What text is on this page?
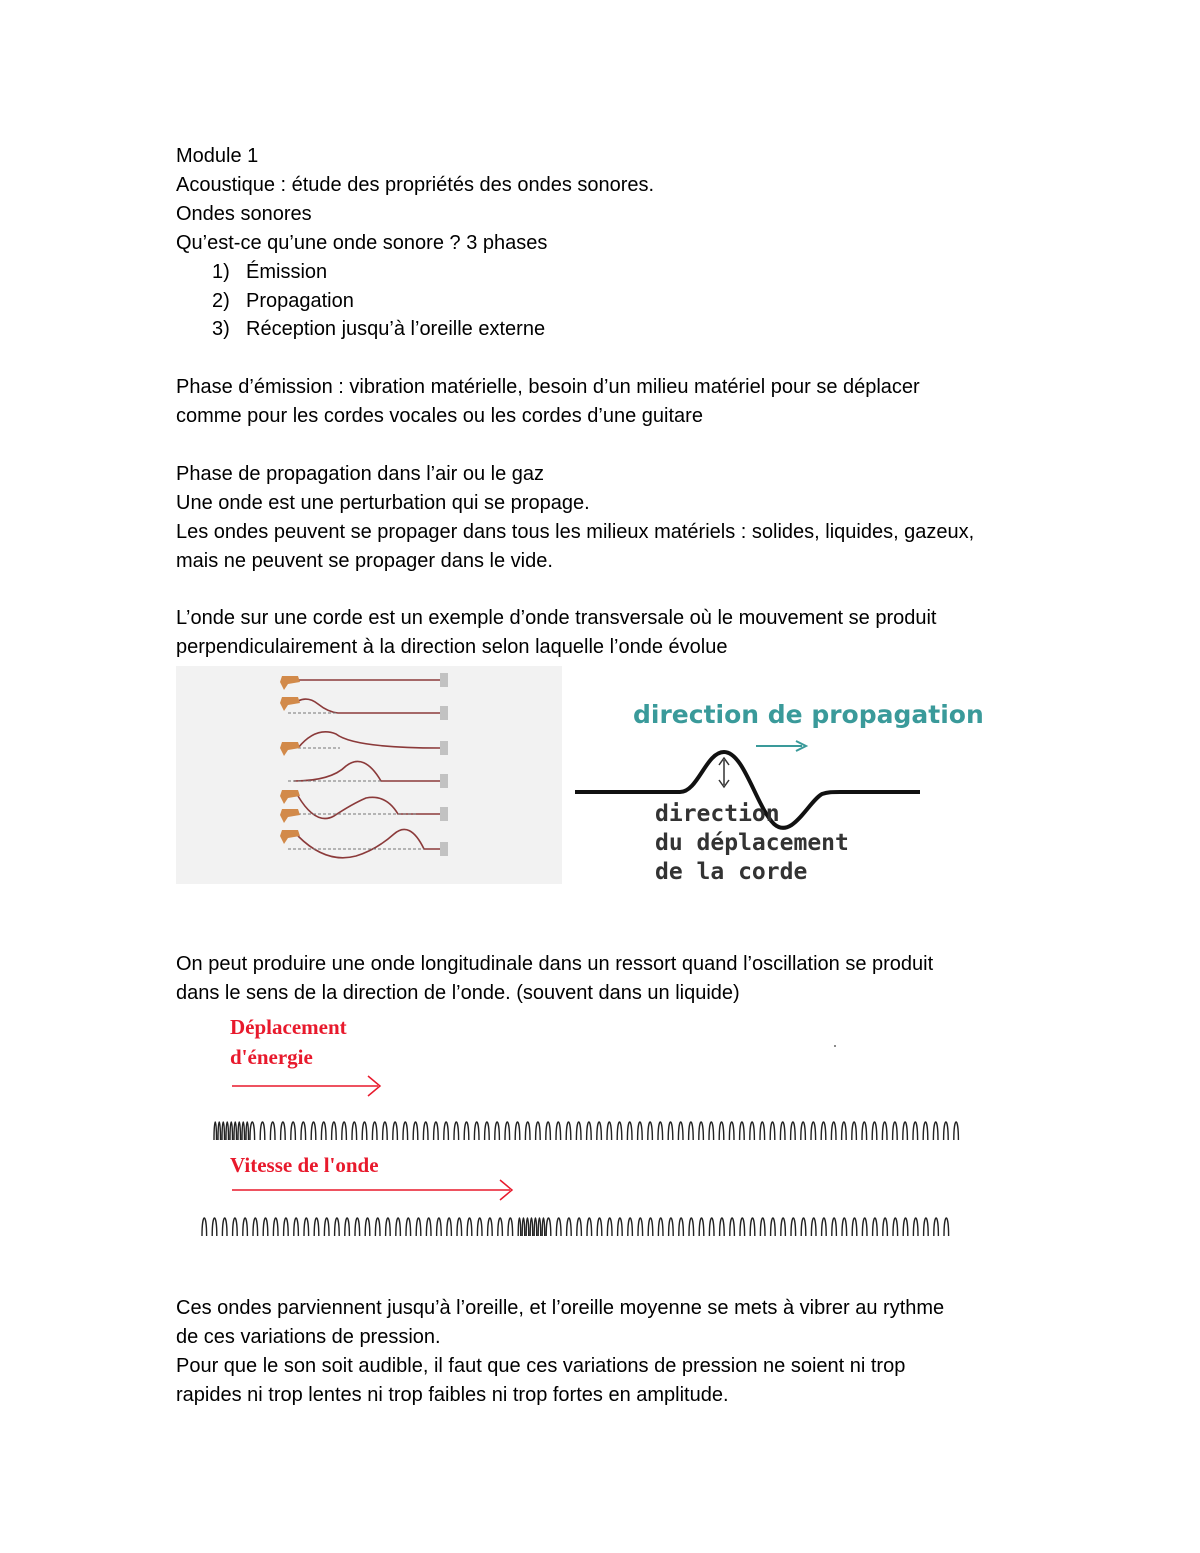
Module 1
Acoustique : étude des propriétés des ondes sonores.
Ondes sonores
Qu’est-ce qu’une onde sonore ? 3 phases
1) Émission
2) Propagation
3) Réception jusqu’à l’oreille externe
Phase d’émission : vibration matérielle, besoin d’un milieu matériel pour se déplacer
comme pour les cordes vocales ou les cordes d’une guitare
Phase de propagation dans l’air ou le gaz
Une onde est une perturbation qui se propage.
Les ondes peuvent se propager dans tous les milieux matériels : solides, liquides, gazeux,
mais ne peuvent se propager dans le vide.
L’onde sur une corde est un exemple d’onde transversale où le mouvement se produit
perpendiculairement à la direction selon laquelle l’onde évolue
direction de propagation
direction
du déplacement
de la corde
On peut produire une onde longitudinale dans un ressort quand l’oscillation se produit
dans le sens de la direction de l’onde. (souvent dans un liquide)
Déplacement
d'énergie
Vitesse de l'onde
Ces ondes parviennent jusqu’à l’oreille, et l’oreille moyenne se mets à vibrer au rythme
de ces variations de pression.
Pour que le son soit audible, il faut que ces variations de pression ne soient ni trop
rapides ni trop lentes ni trop faibles ni trop fortes en amplitude.
